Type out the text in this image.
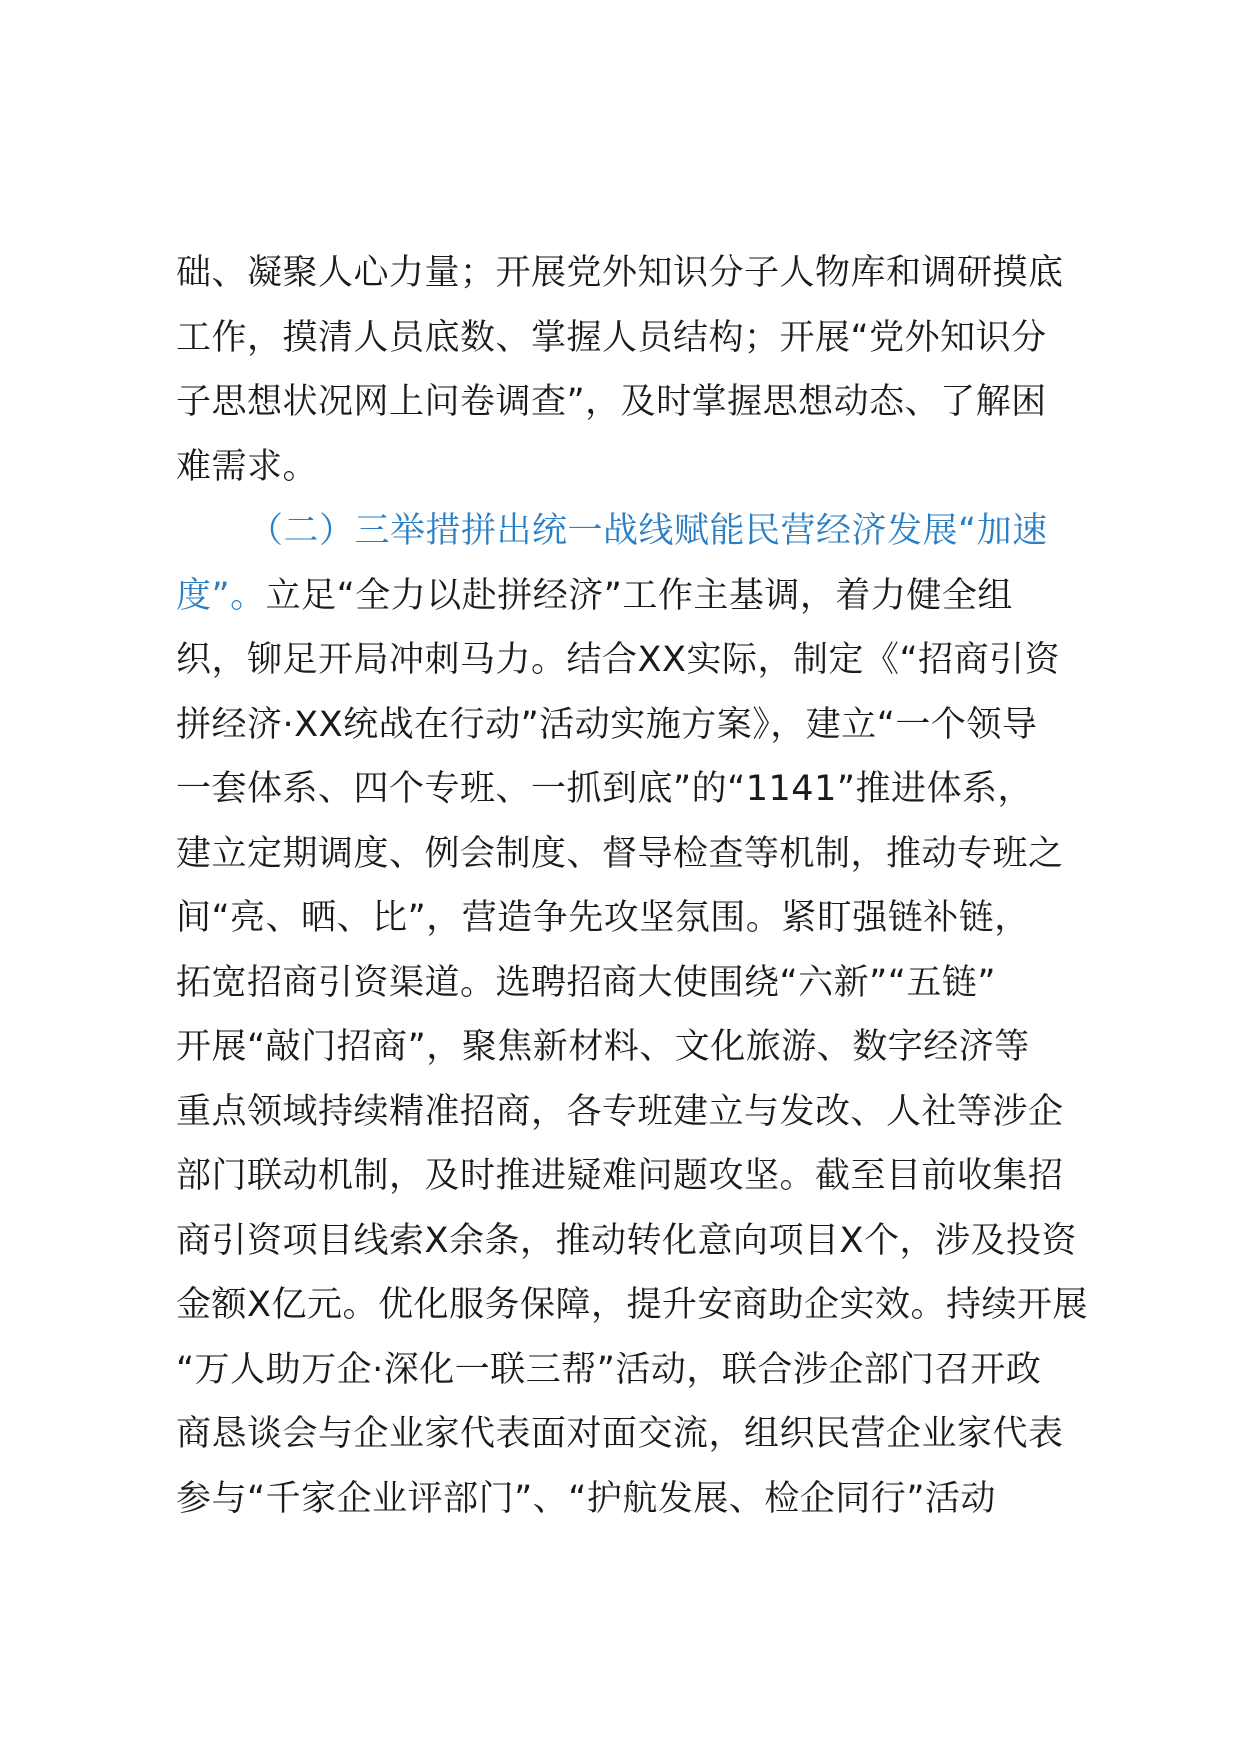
础、凝聚人心力量；开展党外知识分子人物库和调研摸底
工作，摸清人员底数、掌握人员结构；开展“党外知识分
子思想状况网上问卷调查”，及时掌握思想动态、了解困
难需求。
（二）三举措拼出统一战线赋能民营经济发展“加速
度”。立足“全力以赴拼经济”工作主基调，着力健全组
织，铆足开局冲刺马力。结合XX实际，制定《“招商引资
拼经济·XX统战在行动”活动实施方案》，建立“一个领导
一套体系、四个专班、一抓到底”的“1141”推进体系，
建立定期调度、例会制度、督导检查等机制，推动专班之
间“亮、晒、比”，营造争先攻坚氛围。紧盯强链补链，
拓宽招商引资渠道。选聘招商大使围绕“六新”“五链”
开展“敲门招商”，聚焦新材料、文化旅游、数字经济等
重点领域持续精准招商，各专班建立与发改、人社等涉企
部门联动机制，及时推进疑难问题攻坚。截至目前收集招
商引资项目线索X余条，推动转化意向项目X个，涉及投资
金额X亿元。优化服务保障，提升安商助企实效。持续开展
“万人助万企·深化一联三帮”活动，联合涉企部门召开政
商恳谈会与企业家代表面对面交流，组织民营企业家代表
参与“千家企业评部门”、“护航发展、检企同行”活动
